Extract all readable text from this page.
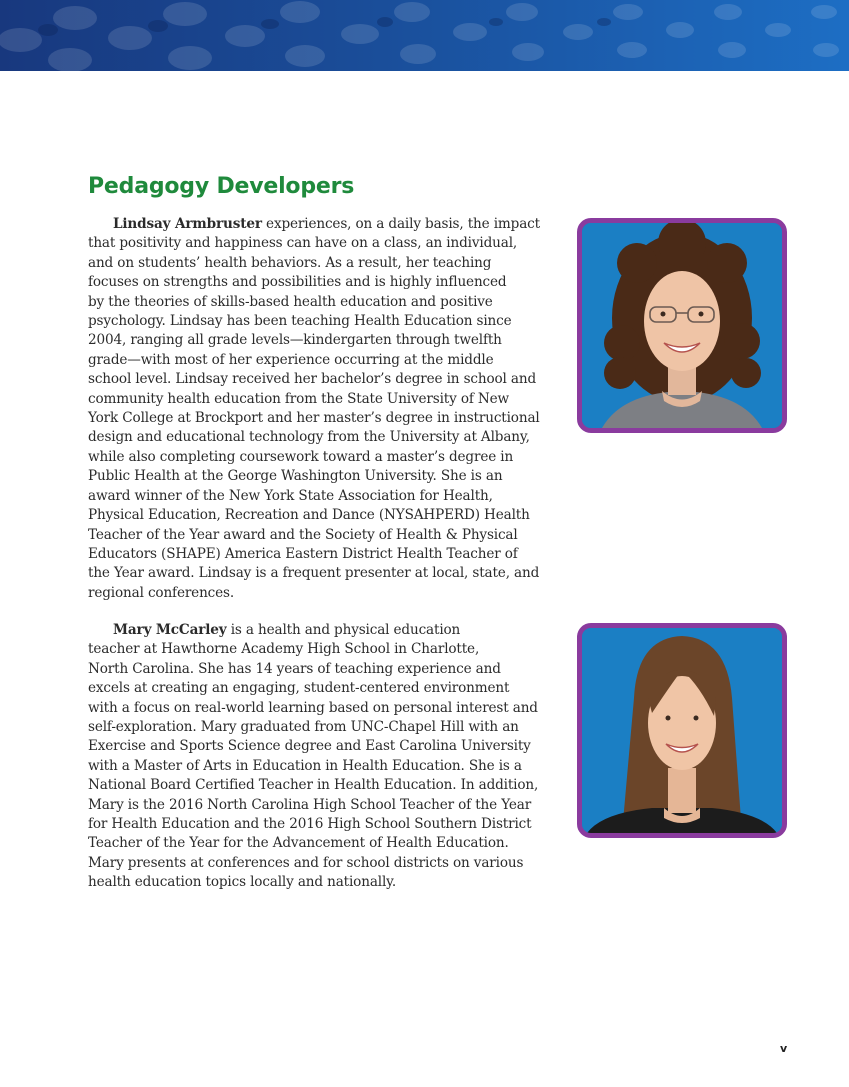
Pedagogy Developers

Lindsay Armbruster experiences, on a daily basis, the impact
that positivity and happiness can have on a class, an individual,
and on students’ health behaviors. As a result, her teaching
focuses on strengths and possibilities and is highly influenced
by the theories of skills-based health education and positive
psychology. Lindsay has been teaching Health Education since
2004, ranging all grade levels—kindergarten through twelfth
grade—with most of her experience occurring at the middle
school level. Lindsay received her bachelor’s degree in school and
community health education from the State University of New
York College at Brockport and her master’s degree in instructional
design and educational technology from the University at Albany,
while also completing coursework toward a master’s degree in
Public Health at the George Washington University. She is an
award winner of the New York State Association for Health,
Physical Education, Recreation and Dance (NYSAHPERD) Health
Teacher of the Year award and the Society of Health & Physical
Educators (SHAPE) America Eastern District Health Teacher of
the Year award. Lindsay is a frequent presenter at local, state, and
regional conferences.

Mary McCarley is a health and physical education
teacher at Hawthorne Academy High School in Charlotte,
North Carolina. She has 14 years of teaching experience and
excels at creating an engaging, student-centered environment
with a focus on real-world learning based on personal interest and
self-exploration. Mary graduated from UNC-Chapel Hill with an
Exercise and Sports Science degree and East Carolina University
with a Master of Arts in Education in Health Education. She is a
National Board Certified Teacher in Health Education. In addition,
Mary is the 2016 North Carolina High School Teacher of the Year
for Health Education and the 2016 High School Southern District
Teacher of the Year for the Advancement of Health Education.
Mary presents at conferences and for school districts on various
health education topics locally and nationally.

v
